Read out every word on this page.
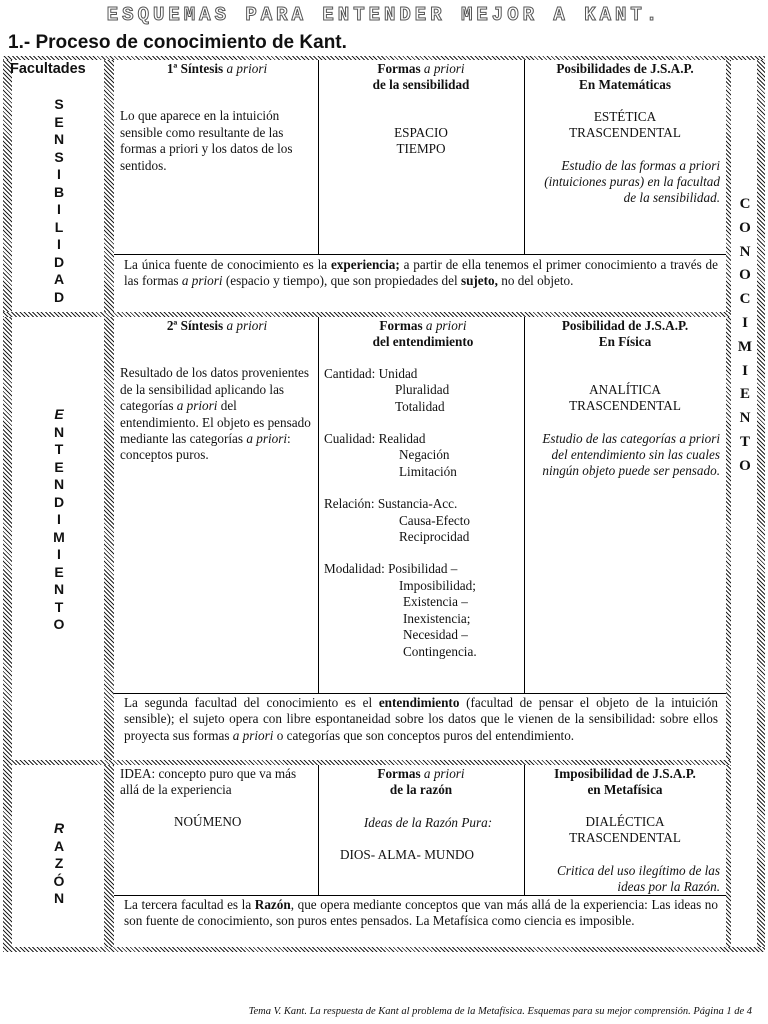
ESQUEMAS PARA ENTENDER MEJOR A KANT.
1.- Proceso de conocimiento de Kant.
Facultades
S
E
N
S
I
B
I
L
I
D
A
D
E
N
T
E
N
D
I
M
I
E
N
T
O
R
A
Z
Ó
N
C
O
N
O
C
I
M
I
E
N
T
O
1ª Síntesis a priori
Lo que aparece en la intuición sensible como resultante de las formas a priori y los datos de los sentidos.
Formas a priori
de la sensibilidad
ESPACIO
TIEMPO
Posibilidades de J.S.A.P.
En Matemáticas
ESTÉTICA
TRASCENDENTAL
Estudio de las formas a priori (intuiciones puras) en la facultad de la sensibilidad.
La única fuente de conocimiento es la experiencia; a partir de ella tenemos el primer conocimiento a través de las formas a priori (espacio y tiempo), que son propiedades del sujeto, no del objeto.
2ª Síntesis a priori
Resultado de los datos provenientes de la sensibilidad aplicando las categorías a priori del entendimiento. El objeto es pensado mediante las categorías a priori: conceptos puros.
Formas a priori
del entendimiento
Cantidad: Unidad
Pluralidad
Totalidad
Cualidad: Realidad
Negación
Limitación
Relación: Sustancia-Acc.
Causa-Efecto
Reciprocidad
Modalidad: Posibilidad –
Imposibilidad;
Existencia –
Inexistencia;
Necesidad –
Contingencia.
Posibilidad de J.S.A.P.
En Física
ANALÍTICA
TRASCENDENTAL
Estudio de las categorías a priori del entendimiento sin las cuales ningún objeto puede ser pensado.
La segunda facultad del conocimiento es el entendimiento (facultad de pensar el objeto de la intuición sensible); el sujeto opera con libre espontaneidad sobre los datos que le vienen de la sensibilidad: sobre ellos proyecta sus formas a priori o categorías que son conceptos puros del entendimiento.
IDEA: concepto puro que va más allá de la experiencia
NOÚMENO
Formas a priori
de la razón
Ideas de la Razón Pura:
DIOS- ALMA- MUNDO
Imposibilidad de J.S.A.P.
en Metafísica
DIALÉCTICA
TRASCENDENTAL
Critica del uso ilegítimo de las ideas por la Razón.
La tercera facultad es la Razón, que opera mediante conceptos que van más allá de la experiencia: Las ideas no son fuente de conocimiento, son puros entes pensados. La Metafísica como ciencia es imposible.
Tema V. Kant. La respuesta de Kant al problema de la Metafísica. Esquemas para su mejor comprensión. Página 1 de 4
